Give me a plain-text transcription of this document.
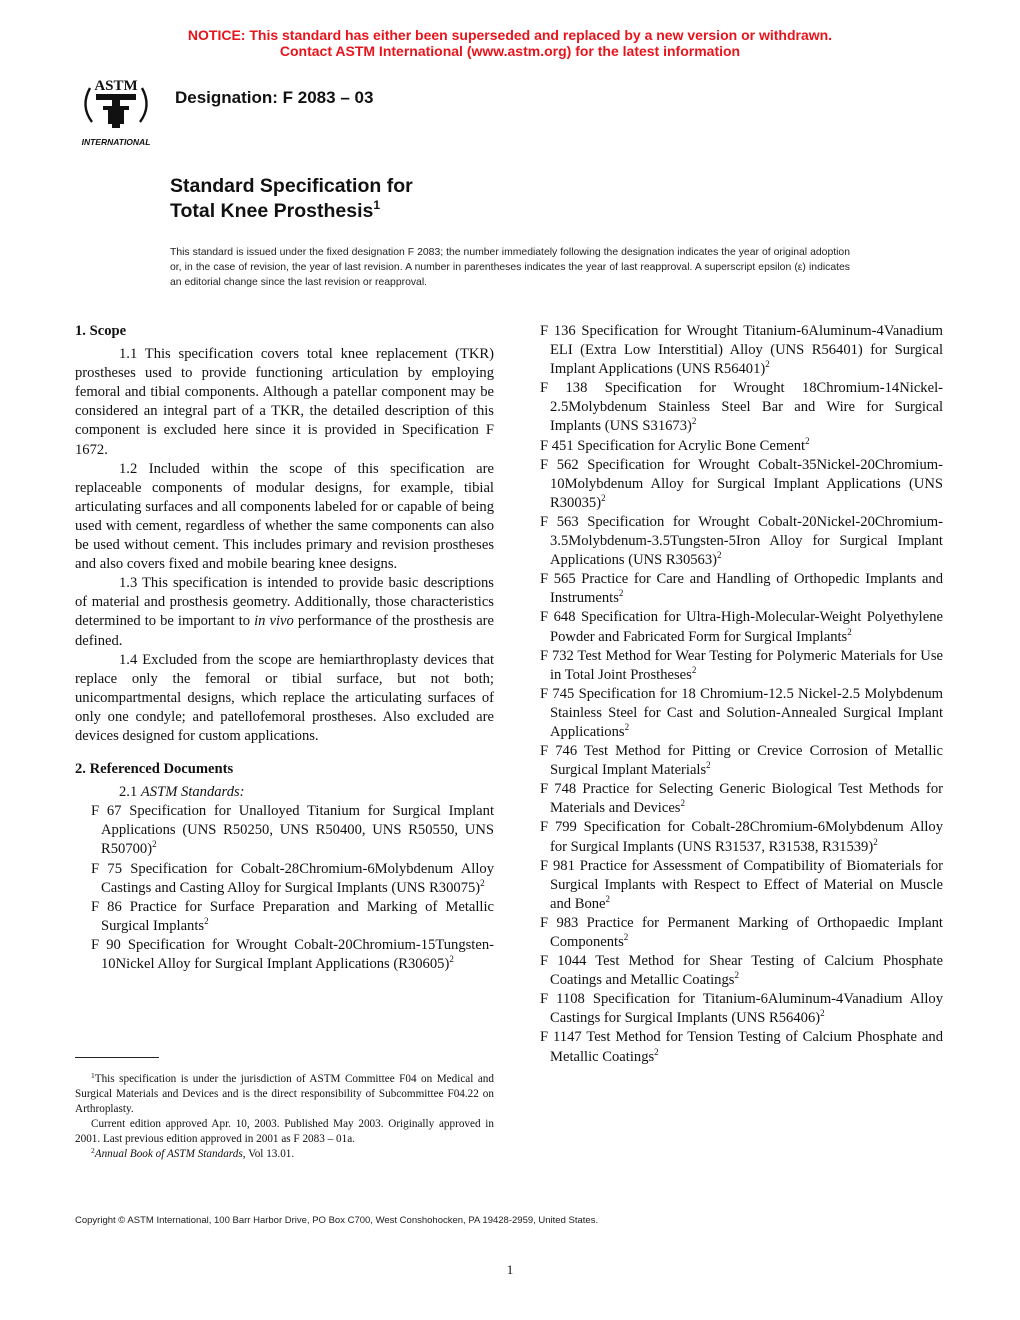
NOTICE: This standard has either been superseded and replaced by a new version or withdrawn.
Contact ASTM International (www.astm.org) for the latest information
ASTM
INTERNATIONAL
Designation: F 2083 – 03
Standard Specification for
Total Knee Prosthesis$^1$
This standard is issued under the fixed designation F 2083; the number immediately following the designation indicates the year of original adoption or, in the case of revision, the year of last revision. A number in parentheses indicates the year of last reapproval. A superscript epsilon (ε) indicates an editorial change since the last revision or reapproval.

1. Scope

1.1 This specification covers total knee replacement (TKR) prostheses used to provide functioning articulation by employing femoral and tibial components. Although a patellar component may be considered an integral part of a TKR, the detailed description of this component is excluded here since it is provided in Specification F 1672.

1.2 Included within the scope of this specification are replaceable components of modular designs, for example, tibial articulating surfaces and all components labeled for or capable of being used with cement, regardless of whether the same components can also be used without cement. This includes primary and revision prostheses and also covers fixed and mobile bearing knee designs.

1.3 This specification is intended to provide basic descriptions of material and prosthesis geometry. Additionally, those characteristics determined to be important to in vivo performance of the prosthesis are defined.

1.4 Excluded from the scope are hemiarthroplasty devices that replace only the femoral or tibial surface, but not both; unicompartmental designs, which replace the articulating surfaces of only one condyle; and patellofemoral prostheses. Also excluded are devices designed for custom applications.

2. Referenced Documents

2.1 ASTM Standards:

F 67 Specification for Unalloyed Titanium for Surgical Implant Applications (UNS R50250, UNS R50400, UNS R50550, UNS R50700)$^2$

F 75 Specification for Cobalt-28Chromium-6Molybdenum Alloy Castings and Casting Alloy for Surgical Implants (UNS R30075)$^2$

F 86 Practice for Surface Preparation and Marking of Metallic Surgical Implants$^2$

F 90 Specification for Wrought Cobalt-20Chromium-15Tungsten-10Nickel Alloy for Surgical Implant Applications $(R30605)^2$

F 136 Specification for Wrought Titanium-6Aluminum-4Vanadium ELI (Extra Low Interstitial) Alloy (UNS R56401) for Surgical Implant Applications (UNS R56401)$^2$

F 138 Specification for Wrought 18Chromium-14Nickel-2.5Molybdenum Stainless Steel Bar and Wire for Surgical Implants (UNS S31673)$^2$

F 451 Specification for Acrylic Bone Cement$^2$

F 562 Specification for Wrought Cobalt-35Nickel-20Chromium-10Molybdenum Alloy for Surgical Implant Applications (UNS R30035)$^2$

F 563 Specification for Wrought Cobalt-20Nickel-20Chromium-3.5Molybdenum-3.5Tungsten-5Iron Alloy for Surgical Implant Applications (UNS R30563)$^2$

F 565 Practice for Care and Handling of Orthopedic Implants and Instruments$^2$

F 648 Specification for Ultra-High-Molecular-Weight Polyethylene Powder and Fabricated Form for Surgical Implants$^2$

F 732 Test Method for Wear Testing for Polymeric Materials for Use in Total Joint Prostheses$^2$

F 745 Specification for 18 Chromium-12.5 Nickel-2.5 Molybdenum Stainless Steel for Cast and Solution-Annealed Surgical Implant Applications$^2$

F 746 Test Method for Pitting or Crevice Corrosion of Metallic Surgical Implant Materials$^2$

F 748 Practice for Selecting Generic Biological Test Methods for Materials and Devices$^2$

F 799 Specification for Cobalt-28Chromium-6Molybdenum Alloy for Surgical Implants (UNS R31537, R31538, R31539)$^2$

F 981 Practice for Assessment of Compatibility of Biomaterials for Surgical Implants with Respect to Effect of Material on Muscle and Bone$^2$

F 983 Practice for Permanent Marking of Orthopaedic Implant Components$^2$

F 1044 Test Method for Shear Testing of Calcium Phosphate Coatings and Metallic Coatings$^2$

F 1108 Specification for Titanium-6Aluminum-4Vanadium Alloy Castings for Surgical Implants (UNS R56406)$^2$

F 1147 Test Method for Tension Testing of Calcium Phosphate and Metallic Coatings$^2$

$^1$This specification is under the jurisdiction of ASTM Committee F04 on Medical and Surgical Materials and Devices and is the direct responsibility of Subcommittee F04.22 on Arthroplasty.

Current edition approved Apr. 10, 2003. Published May 2003. Originally approved in 2001. Last previous edition approved in 2001 as F 2083 – 01a.

$^2$Annual Book of ASTM Standards, Vol 13.01.

Copyright © ASTM International, 100 Barr Harbor Drive, PO Box C700, West Conshohocken, PA 19428-2959, United States.
1
